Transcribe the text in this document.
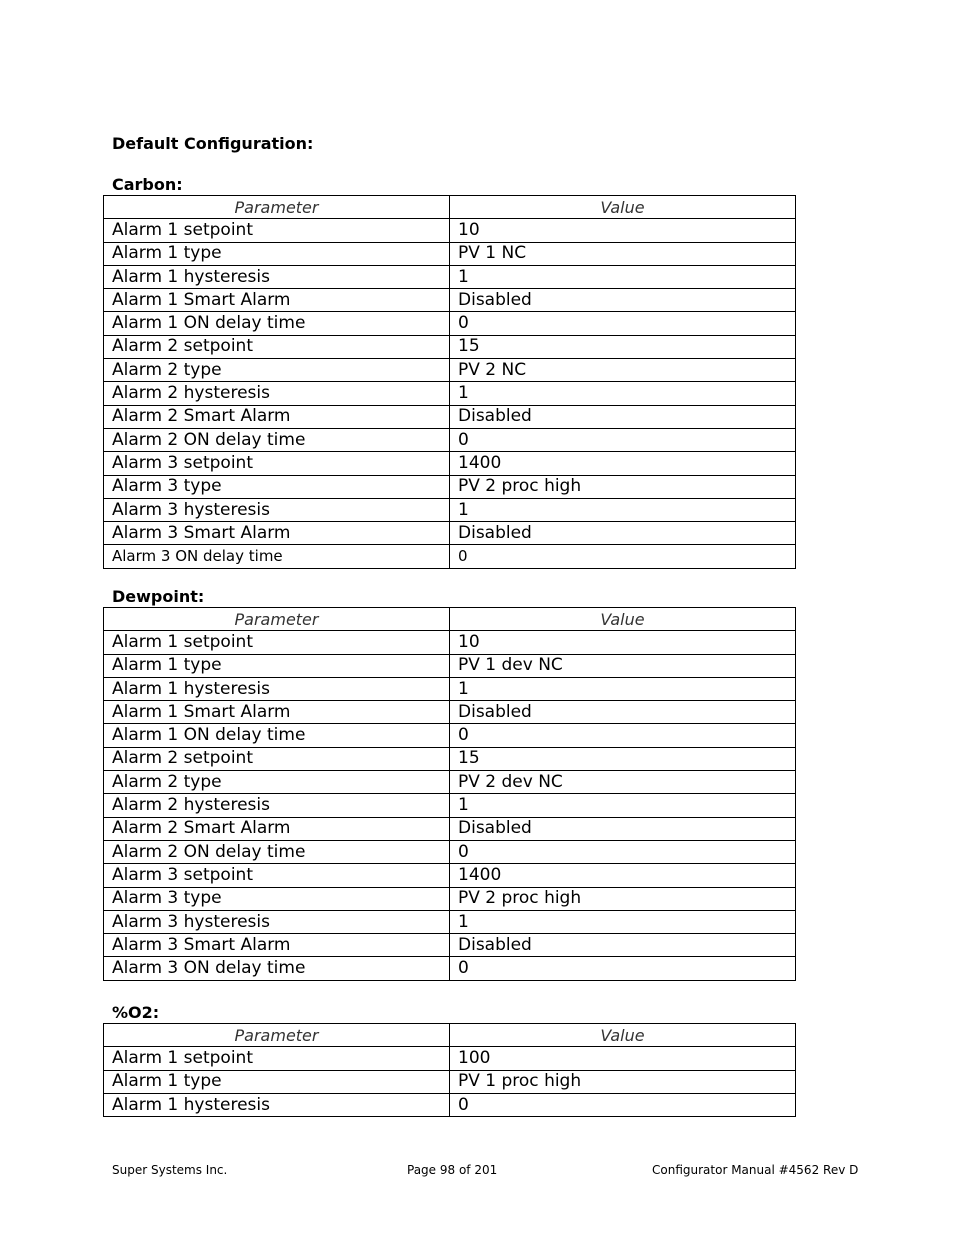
Default Configuration:
Carbon:
Parameter	Value
Alarm 1 setpoint	10
Alarm 1 type	PV 1 NC
Alarm 1 hysteresis	1
Alarm 1 Smart Alarm	Disabled
Alarm 1 ON delay time	0
Alarm 2 setpoint	15
Alarm 2 type	PV 2 NC
Alarm 2 hysteresis	1
Alarm 2 Smart Alarm	Disabled
Alarm 2 ON delay time	0
Alarm 3 setpoint	1400
Alarm 3 type	PV 2 proc high
Alarm 3 hysteresis	1
Alarm 3 Smart Alarm	Disabled
Alarm 3 ON delay time	0
Dewpoint:
Parameter	Value
Alarm 1 setpoint	10
Alarm 1 type	PV 1 dev NC
Alarm 1 hysteresis	1
Alarm 1 Smart Alarm	Disabled
Alarm 1 ON delay time	0
Alarm 2 setpoint	15
Alarm 2 type	PV 2 dev NC
Alarm 2 hysteresis	1
Alarm 2 Smart Alarm	Disabled
Alarm 2 ON delay time	0
Alarm 3 setpoint	1400
Alarm 3 type	PV 2 proc high
Alarm 3 hysteresis	1
Alarm 3 Smart Alarm	Disabled
Alarm 3 ON delay time	0
%O2:
Parameter	Value
Alarm 1 setpoint	100
Alarm 1 type	PV 1 proc high
Alarm 1 hysteresis	0
Super Systems Inc.	Page 98 of 201	Configurator Manual #4562 Rev D
